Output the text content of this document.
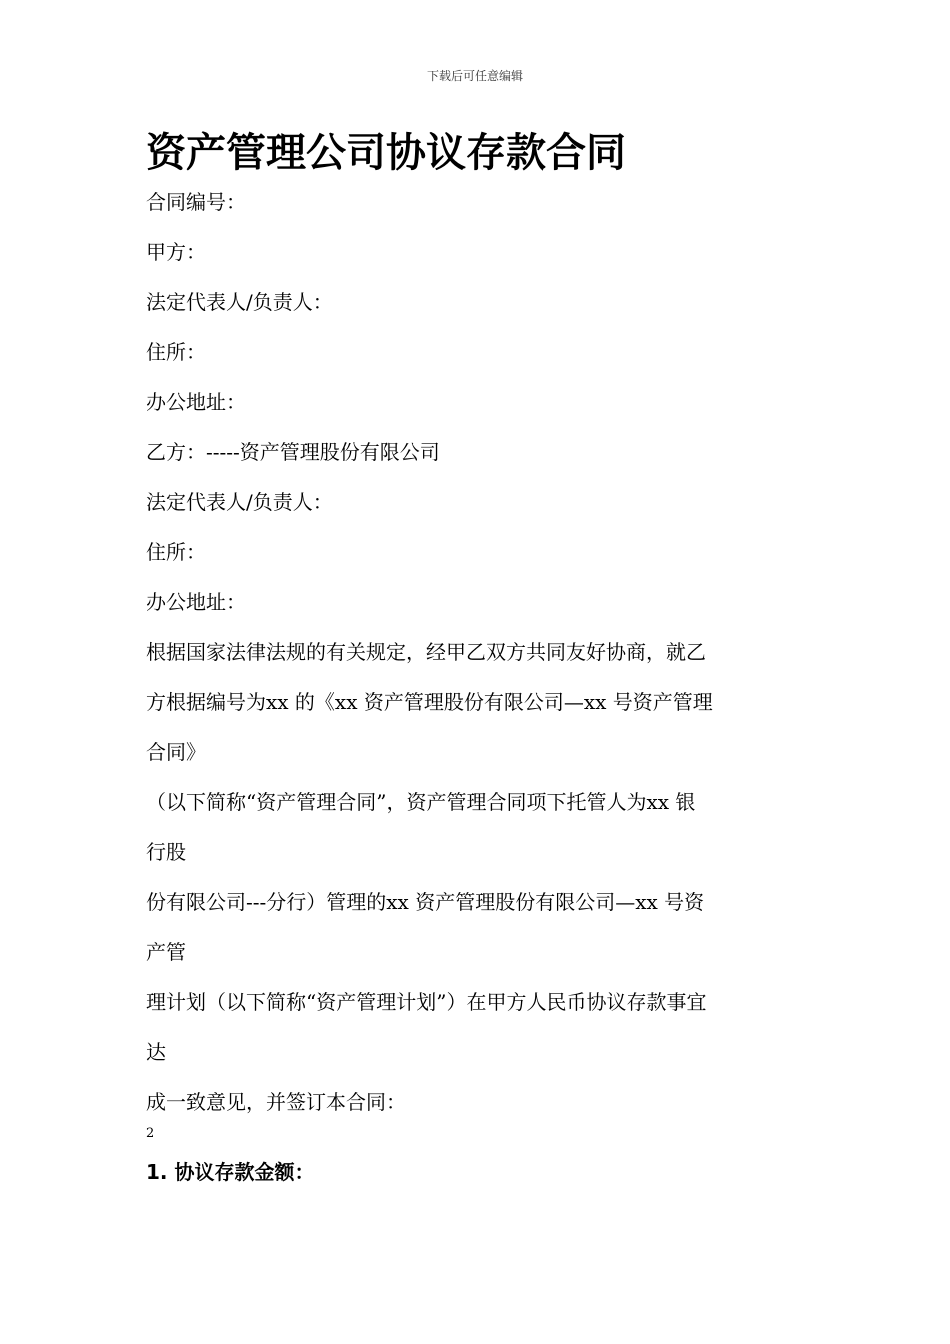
下载后可任意编辑
资产管理公司协议存款合同
合同编号：
甲方：
法定代表人/负责人：
住所：
办公地址：
乙方：-----资产管理股份有限公司
法定代表人/负责人：
住所：
办公地址：
根据国家法律法规的有关规定，经甲乙双方共同友好协商，就乙
方根据编号为xx 的《xx 资产管理股份有限公司—xx 号资产管理
合同》
（以下简称“资产管理合同”，资产管理合同项下托管人为xx 银
行股
份有限公司---分行）管理的xx 资产管理股份有限公司—xx 号资
产管
理计划（以下简称“资产管理计划”）在甲方人民币协议存款事宜
达
成一致意见，并签订本合同：
2
1. 协议存款金额：
